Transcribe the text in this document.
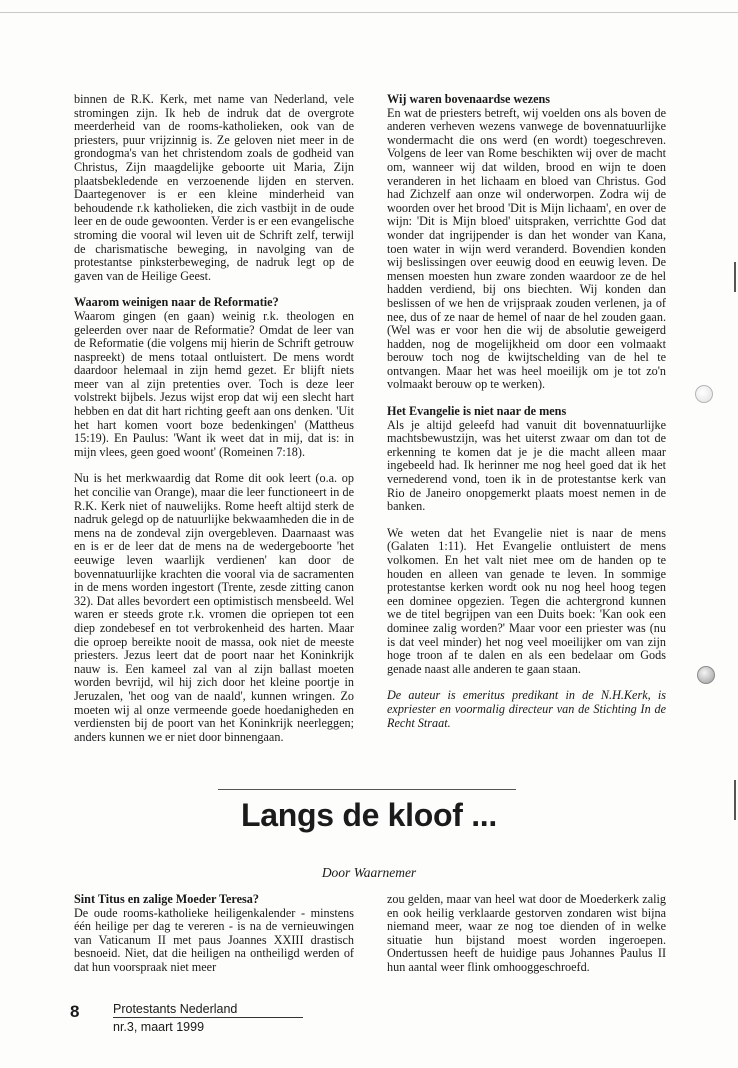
binnen de R.K. Kerk, met name van Nederland, vele stromingen zijn. Ik heb de indruk dat de overgrote meerderheid van de rooms-katholieken, ook van de priesters, puur vrijzinnig is. Ze geloven niet meer in de grondogma's van het christendom zoals de godheid van Christus, Zijn maagdelijke geboorte uit Maria, Zijn plaatsbekledende en verzoenende lijden en sterven. Daartegenover is er een kleine minderheid van behoudende r.k katholieken, die zich vastbijt in de oude leer en de oude gewoonten. Verder is er een evangelische stroming die vooral wil leven uit de Schrift zelf, terwijl de charismatische beweging, in navolging van de protestantse pinksterbeweging, de nadruk legt op de gaven van de Heilige Geest.

Waarom weinigen naar de Reformatie?

Waarom gingen (en gaan) weinig r.k. theologen en geleerden over naar de Reformatie? Omdat de leer van de Reformatie (die volgens mij hierin de Schrift getrouw naspreekt) de mens totaal ontluistert. De mens wordt daardoor helemaal in zijn hemd gezet. Er blijft niets meer van al zijn pretenties over. Toch is deze leer volstrekt bijbels. Jezus wijst erop dat wij een slecht hart hebben en dat dit hart richting geeft aan ons denken. 'Uit het hart komen voort boze bedenkingen' (Mattheus 15:19). En Paulus: 'Want ik weet dat in mij, dat is: in mijn vlees, geen goed woont' (Romeinen 7:18).

Nu is het merkwaardig dat Rome dit ook leert (o.a. op het concilie van Orange), maar die leer functioneert in de R.K. Kerk niet of nauwelijks. Rome heeft altijd sterk de nadruk gelegd op de natuurlijke bekwaamheden die in de mens na de zondeval zijn overgebleven. Daarnaast was en is er de leer dat de mens na de wedergeboorte 'het eeuwige leven waarlijk verdienen' kan door de bovennatuurlijke krachten die vooral via de sacramenten in de mens worden ingestort (Trente, zesde zitting canon 32). Dat alles bevordert een optimistisch mensbeeld. Wel waren er steeds grote r.k. vromen die opriepen tot een diep zondebesef en tot verbrokenheid des harten. Maar die oproep bereikte nooit de massa, ook niet de meeste priesters. Jezus leert dat de poort naar het Koninkrijk nauw is. Een kameel zal van al zijn ballast moeten worden bevrijd, wil hij zich door het kleine poortje in Jeruzalen, 'het oog van de naald', kunnen wringen. Zo moeten wij al onze vermeende goede hoedanigheden en verdiensten bij de poort van het Koninkrijk neerleggen; anders kunnen we er niet door binnengaan.

Wij waren bovenaardse wezens

En wat de priesters betreft, wij voelden ons als boven de anderen verheven wezens vanwege de bovennatuurlijke wondermacht die ons werd (en wordt) toegeschreven. Volgens de leer van Rome beschikten wij over de macht om, wanneer wij dat wilden, brood en wijn te doen veranderen in het lichaam en bloed van Christus. God had Zichzelf aan onze wil onderworpen. Zodra wij de woorden over het brood 'Dit is Mijn lichaam', en over de wijn: 'Dit is Mijn bloed' uitspraken, verrichtte God dat wonder dat ingrijpender is dan het wonder van Kana, toen water in wijn werd veranderd. Bovendien konden wij beslissingen over eeuwig dood en eeuwig leven. De mensen moesten hun zware zonden waardoor ze de hel hadden verdiend, bij ons biechten. Wij konden dan beslissen of we hen de vrijspraak zouden verlenen, ja of nee, dus of ze naar de hemel of naar de hel zouden gaan. (Wel was er voor hen die wij de absolutie geweigerd hadden, nog de mogelijkheid om door een volmaakt berouw toch nog de kwijtschelding van de hel te ontvangen. Maar het was heel moeilijk om je tot zo'n volmaakt berouw op te werken).

Het Evangelie is niet naar de mens

Als je altijd geleefd had vanuit dit bovennatuurlijke machtsbewustzijn, was het uiterst zwaar om dan tot de erkenning te komen dat je je die macht alleen maar ingebeeld had. Ik herinner me nog heel goed dat ik het vernederend vond, toen ik in de protestantse kerk van Rio de Janeiro onopgemerkt plaats moest nemen in de banken.

We weten dat het Evangelie niet is naar de mens (Galaten 1:11). Het Evangelie ontluistert de mens volkomen. En het valt niet mee om de handen op te houden en alleen van genade te leven. In sommige protestantse kerken wordt ook nu nog heel hoog tegen een dominee opgezien. Tegen die achtergrond kunnen we de titel begrijpen van een Duits boek: 'Kan ook een dominee zalig worden?' Maar voor een priester was (nu is dat veel minder) het nog veel moeilijker om van zijn hoge troon af te dalen en als een bedelaar om Gods genade naast alle anderen te gaan staan.

De auteur is emeritus predikant in de N.H.Kerk, is expriester en voormalig directeur van de Stichting In de Recht Straat.

Langs de kloof ...
Door Waarnemer
Sint Titus en zalige Moeder Teresa?

De oude rooms-katholieke heiligenkalender - minstens één heilige per dag te vereren - is na de vernieuwingen van Vaticanum II met paus Joannes XXIII drastisch besnoeid. Niet, dat die heiligen na ontheiligd werden of dat hun voorspraak niet meer

zou gelden, maar van heel wat door de Moederkerk zalig en ook heilig verklaarde gestorven zondaren wist bijna niemand meer, waar ze nog toe dienden of in welke situatie hun bijstand moest worden ingeroepen. Ondertussen heeft de huidige paus Johannes Paulus II hun aantal weer flink omhooggeschroefd.

8	Protestants Nederland
nr.3, maart 1999
